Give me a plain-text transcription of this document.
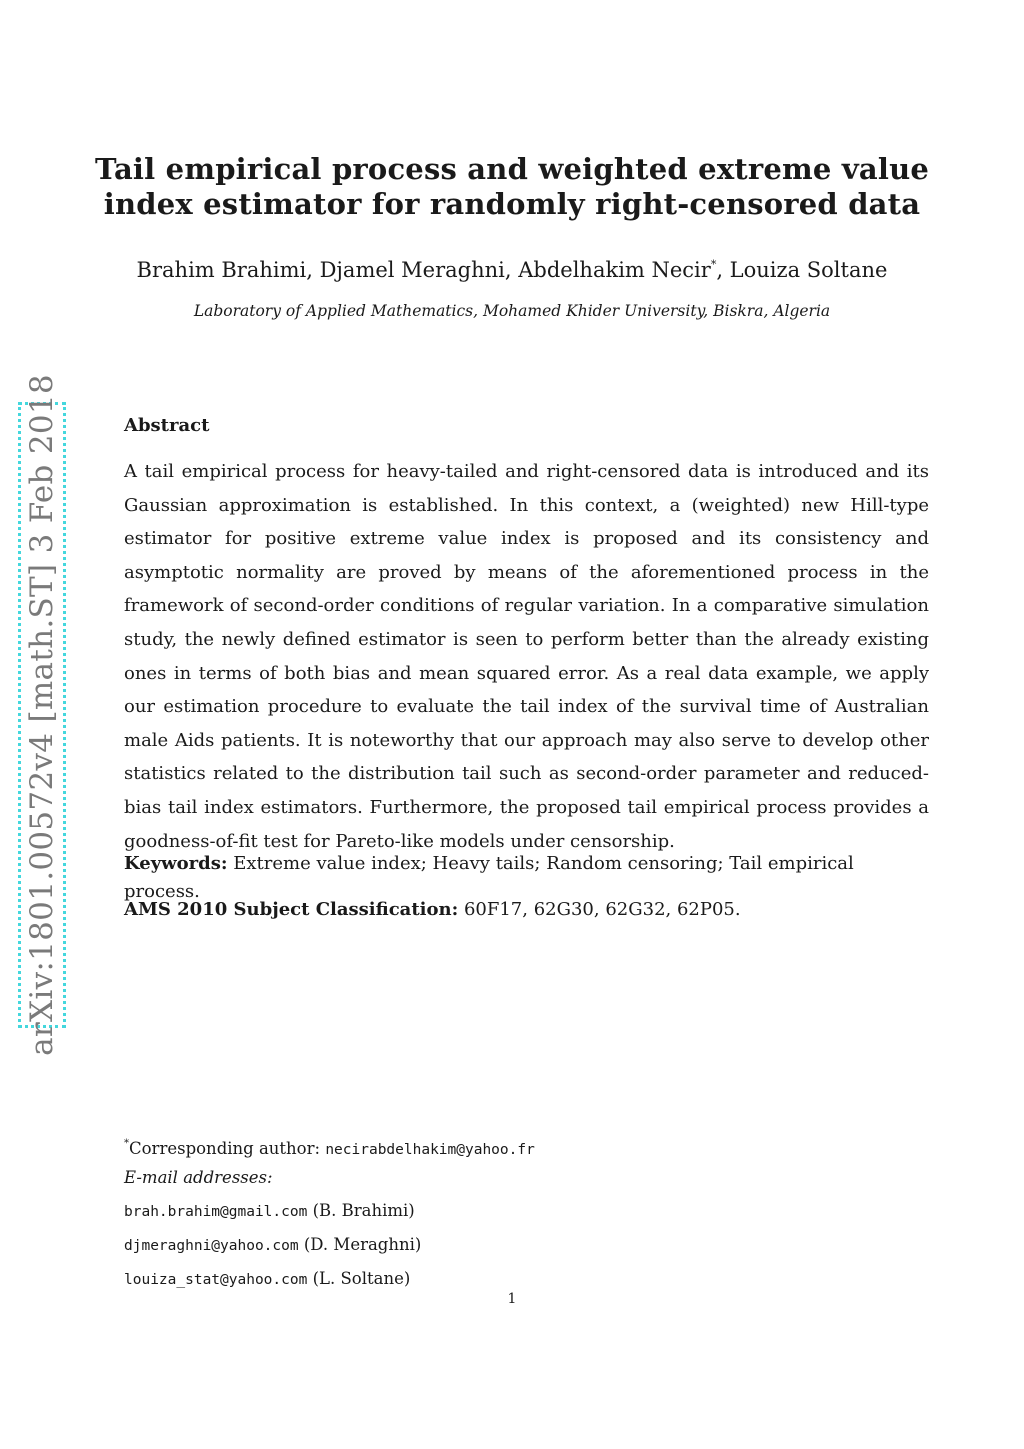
Tail empirical process and weighted extreme value
index estimator for randomly right-censored data
Brahim Brahimi, Djamel Meraghni, Abdelhakim Necir*, Louiza Soltane
Laboratory of Applied Mathematics, Mohamed Khider University, Biskra, Algeria
arXiv:1801.00572v4 [math.ST] 3 Feb 2018	Abstract

A tail empirical process for heavy-tailed and right-censored data is introduced and its Gaussian approximation is established. In this context, a (weighted) new Hill-type estimator for positive extreme value index is proposed and its consistency and asymptotic normality are proved by means of the aforementioned process in the framework of second-order conditions of regular variation. In a comparative simulation study, the newly defined estimator is seen to perform better than the already existing ones in terms of both bias and mean squared error. As a real data example, we apply our estimation procedure to evaluate the tail index of the survival time of Australian male Aids patients. It is noteworthy that our approach may also serve to develop other statistics related to the distribution tail such as second-order parameter and reduced-bias tail index estimators. Furthermore, the proposed tail empirical process provides a goodness-of-fit test for Pareto-like models under censorship.

Keywords: Extreme value index; Heavy tails; Random censoring; Tail empirical process.
AMS 2010 Subject Classification: 60F17, 62G30, 62G32, 62P05.
*Corresponding author: necirabdelhakim@yahoo.fr
E-mail addresses:
brah.brahim@gmail.com (B. Brahimi)
djmeraghni@yahoo.com (D. Meraghni)
louiza_stat@yahoo.com (L. Soltane)
1
